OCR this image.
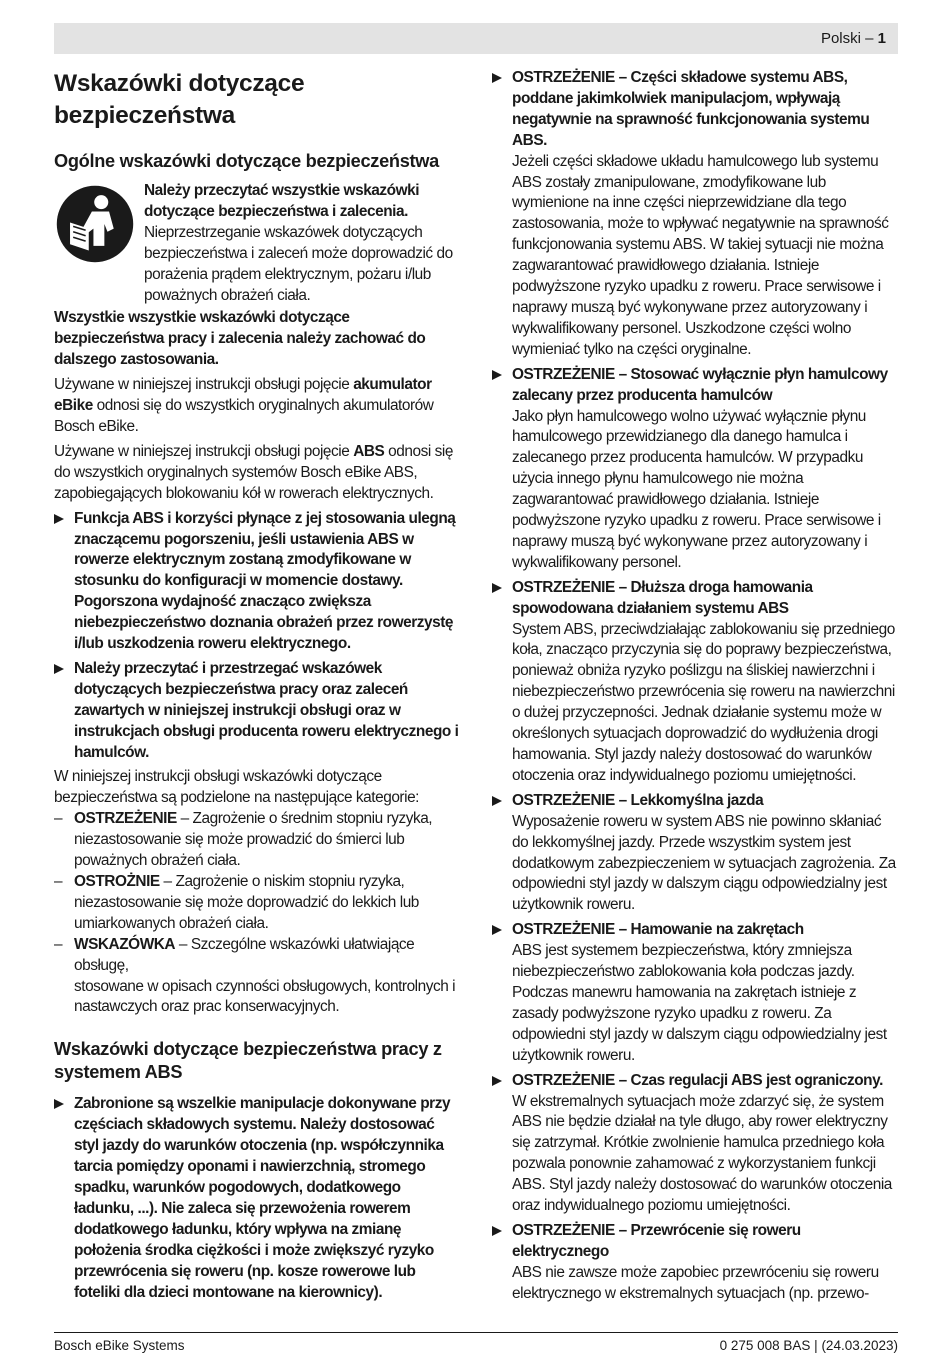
Polski – 1
Wskazówki dotyczące bezpieczeństwa
Ogólne wskazówki dotyczące bezpieczeństwa

Należy przeczytać wszystkie wskazówki dotyczące bezpieczeństwa i zalecenia. Nieprzestrzeganie wskazówek dotyczących bezpieczeństwa i zaleceń może doprowadzić do porażenia prądem elektrycznym, pożaru i/lub poważnych obrażeń ciała.

Wszystkie wszystkie wskazówki dotyczące bezpieczeństwa pracy i zalecenia należy zachować do dalszego zastosowania.

Używane w niniejszej instrukcji obsługi pojęcie akumulator eBike odnosi się do wszystkich oryginalnych akumulatorów Bosch eBike.

Używane w niniejszej instrukcji obsługi pojęcie ABS odnosi się do wszystkich oryginalnych systemów Bosch eBike ABS, zapobiegających blokowaniu kół w rowerach elektrycznych.

Funkcja ABS i korzyści płynące z jej stosowania ulegną znaczącemu pogorszeniu, jeśli ustawienia ABS w rowerze elektrycznym zostaną zmodyfikowane w stosunku do konfiguracji w momencie dostawy. Pogorszona wydajność znacząco zwiększa niebezpieczeństwo doznania obrażeń przez rowerzystę i/lub uszkodzenia roweru elektrycznego.
Należy przeczytać i przestrzegać wskazówek dotyczących bezpieczeństwa pracy oraz zaleceń zawartych w niniejszej instrukcji obsługi oraz w instrukcjach obsługi producenta roweru elektrycznego i hamulców.

W niniejszej instrukcji obsługi wskazówki dotyczące bezpieczeństwa są podzielone na następujące kategorie:

– OSTRZEŻENIE – Zagrożenie o średnim stopniu ryzyka, niezastosowanie się może prowadzić do śmierci lub poważnych obrażeń ciała.
– OSTROŻNIE – Zagrożenie o niskim stopniu ryzyka, niezastosowanie się może doprowadzić do lekkich lub umiarkowanych obrażeń ciała.
– WSKAZÓWKA – Szczególne wskazówki ułatwiające obsługę,

stosowane w opisach czynności obsługowych, kontrolnych i nastawczych oraz prac konserwacyjnych.

Wskazówki dotyczące bezpieczeństwa pracy z systemem ABS
Zabronione są wszelkie manipulacje dokonywane przy częściach składowych systemu. Należy dostosować styl jazdy do warunków otoczenia (np. współczynnika tarcia pomiędzy oponami i nawierzchnią, stromego spadku, warunków pogodowych, dodatkowego ładunku, ...). Nie zaleca się przewożenia rowerem dodatkowego ładunku, który wpływa na zmianę położenia środka ciężkości i może zwiększyć ryzyko przewrócenia się roweru (np. kosze rowerowe lub foteliki dla dzieci montowane na kierownicy).
OSTRZEŻENIE – Części składowe systemu ABS, poddane jakimkolwiek manipulacjom, wpływają negatywnie na sprawność funkcjonowania systemu ABS.
Jeżeli części składowe układu hamulcowego lub systemu ABS zostały zmanipulowane, zmodyfikowane lub wymienione na inne części nieprzewidziane dla tego zastosowania, może to wpływać negatywnie na sprawność funkcjonowania systemu ABS. W takiej sytuacji nie można zagwarantować prawidłowego działania. Istnieje podwyższone ryzyko upadku z roweru. Prace serwisowe i naprawy muszą być wykonywane przez autoryzowany i wykwalifikowany personel. Uszkodzone części wolno wymieniać tylko na części oryginalne.
OSTRZEŻENIE – Stosować wyłącznie płyn hamulcowy zalecany przez producenta hamulców
Jako płyn hamulcowego wolno używać wyłącznie płynu hamulcowego przewidzianego dla danego hamulca i zalecanego przez producenta hamulców. W przypadku użycia innego płynu hamulcowego nie można zagwarantować prawidłowego działania. Istnieje podwyższone ryzyko upadku z roweru. Prace serwisowe i naprawy muszą być wykonywane przez autoryzowany i wykwalifikowany personel.
OSTRZEŻENIE – Dłuższa droga hamowania spowodowana działaniem systemu ABS
System ABS, przeciwdziałając zablokowaniu się przedniego koła, znacząco przyczynia się do poprawy bezpieczeństwa, ponieważ obniża ryzyko poślizgu na śliskiej nawierzchni i niebezpieczeństwo przewrócenia się roweru na nawierzchni o dużej przyczepności. Jednak działanie systemu może w określonych sytuacjach doprowadzić do wydłużenia drogi hamowania. Styl jazdy należy dostosować do warunków otoczenia oraz indywidualnego poziomu umiejętności.
OSTRZEŻENIE – Lekkomyślna jazda
Wyposażenie roweru w system ABS nie powinno skłaniać do lekkomyślnej jazdy. Przede wszystkim system jest dodatkowym zabezpieczeniem w sytuacjach zagrożenia. Za odpowiedni styl jazdy w dalszym ciągu odpowiedzialny jest użytkownik roweru.
OSTRZEŻENIE – Hamowanie na zakrętach
ABS jest systemem bezpieczeństwa, który zmniejsza niebezpieczeństwo zablokowania koła podczas jazdy. Podczas manewru hamowania na zakrętach istnieje z zasady podwyższone ryzyko upadku z roweru. Za odpowiedni styl jazdy w dalszym ciągu odpowiedzialny jest użytkownik roweru.
OSTRZEŻENIE – Czas regulacji ABS jest ograniczony.
W ekstremalnych sytuacjach może zdarzyć się, że system ABS nie będzie działał na tyle długo, aby rower elektryczny się zatrzymał. Krótkie zwolnienie hamulca przedniego koła pozwala ponownie zahamować z wykorzystaniem funkcji ABS. Styl jazdy należy dostosować do warunków otoczenia oraz indywidualnego poziomu umiejętności.
OSTRZEŻENIE – Przewrócenie się roweru elektrycznego
ABS nie zawsze może zapobiec przewróceniu się roweru elektrycznego w ekstremalnych sytuacjach (np. przewo-
Bosch eBike Systems	0 275 008 BAS | (24.03.2023)
